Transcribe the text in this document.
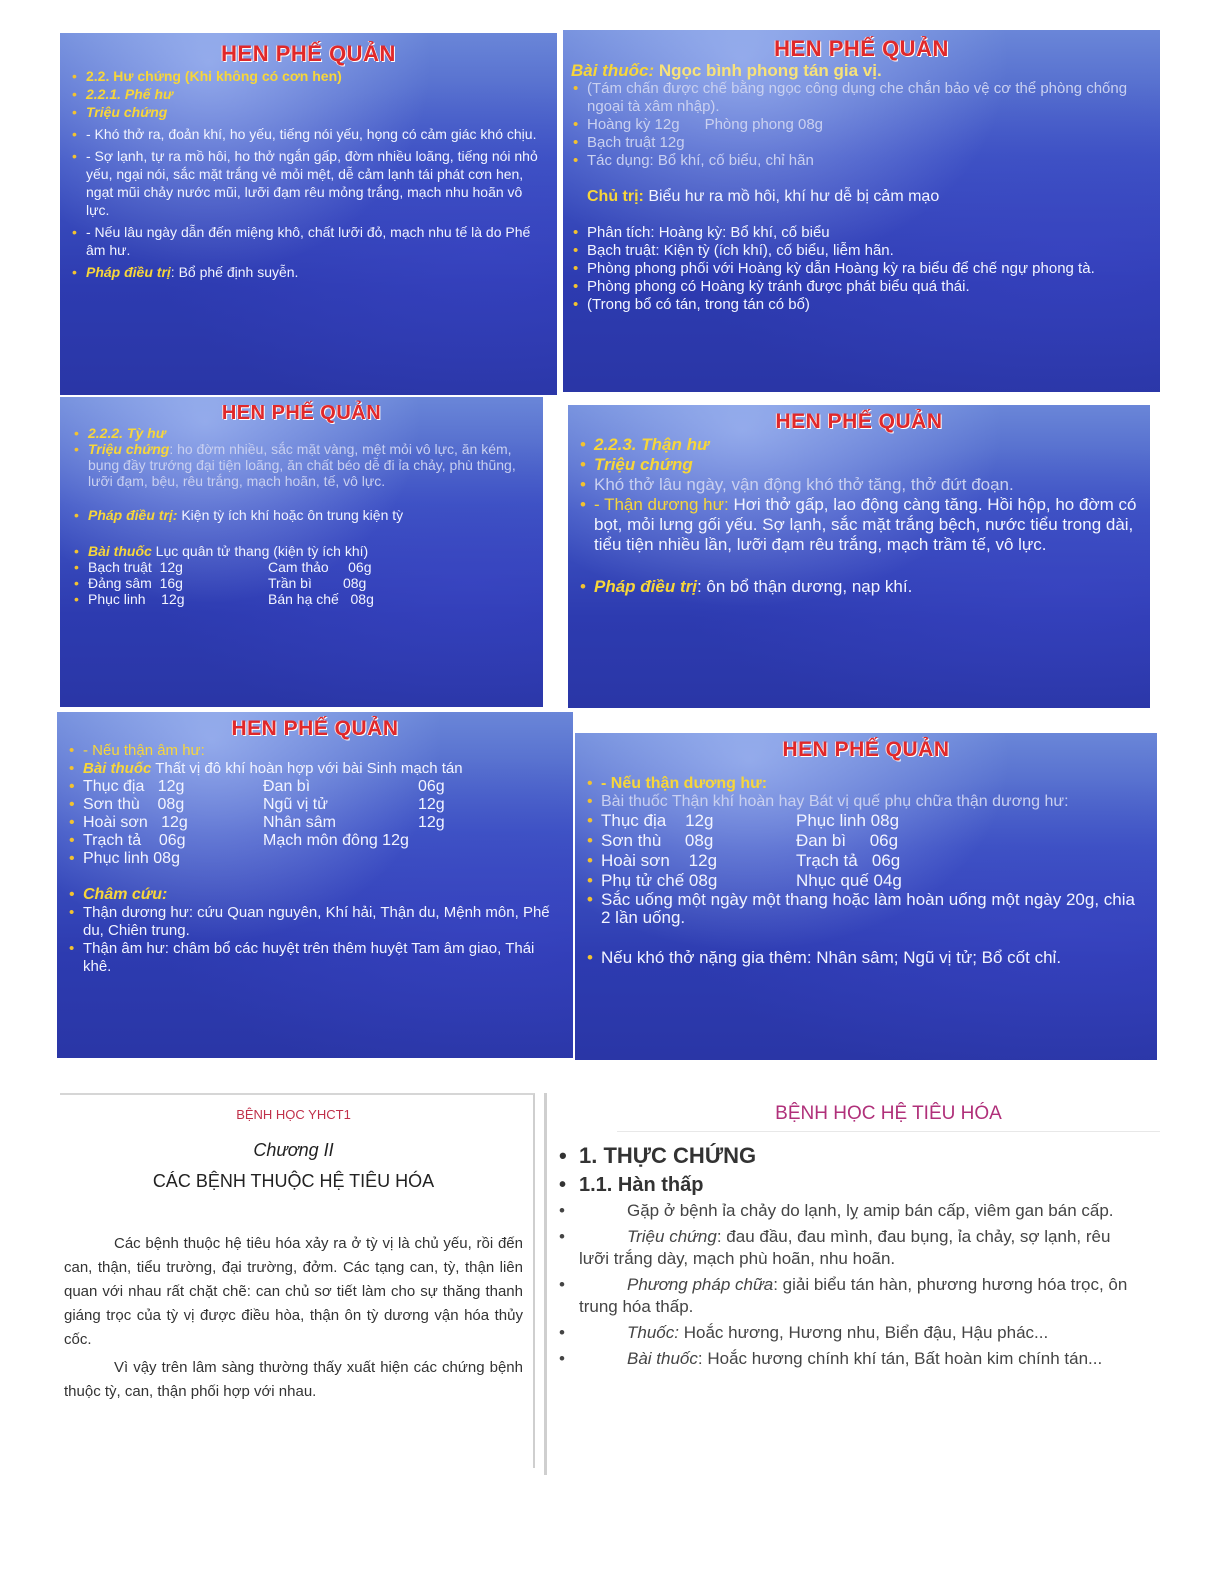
HEN PHẾ QUẢN
• 2.2. Hư chứng (Khi không có cơn hen)
• 2.2.1. Phế hư
• Triệu chứng
• - Khó thở ra, đoản khí, ho yếu, tiếng nói yếu, họng có cảm giác khó chịu.
• - Sợ lạnh, tự ra mồ hôi, ho thở ngắn gấp, đờm nhiều loãng, tiếng nói nhỏ yếu, ngại nói, sắc mặt trắng vẻ mỏi mệt, dễ cảm lạnh tái phát cơn hen, ngạt mũi chảy nước mũi, lưỡi đạm rêu mỏng trắng, mạch nhu hoãn vô lực.
• - Nếu lâu ngày dẫn đến miệng khô, chất lưỡi đỏ, mạch nhu tế là do Phế âm hư.
• Pháp điều trị: Bổ phế định suyễn.
HEN PHẾ QUẢN
Bài thuốc: Ngọc bình phong tán gia vị.
• (Tám chấn được chế bằng ngọc công dụng che chắn bảo vệ cơ thể phòng chống ngoại tà xâm nhập).
• Hoàng kỳ 12g      Phòng phong 08g
• Bạch truật 12g
• Tác dụng: Bổ khí, cố biểu, chỉ hãn
Chủ trị: Biểu hư ra mồ hôi, khí hư dễ bị cảm mạo
• Phân tích: Hoàng kỳ: Bổ khí, cố biểu
• Bạch truật: Kiện tỳ (ích khí), cố biểu, liễm hãn.
• Phòng phong phối với Hoàng kỳ dẫn Hoàng kỳ ra biểu để chế ngự phong tà.
• Phòng phong có Hoàng kỳ tránh được phát biểu quá thái.
• (Trong bổ có tán, trong tán có bổ)
HEN PHẾ QUẢN
• 2.2.2. Tỳ hư
• Triệu chứng: ho đờm nhiều, sắc mặt vàng, mệt mỏi vô lực, ăn kém, bụng đầy trướng đại tiện loãng, ăn chất béo dễ đi ỉa chảy, phù thũng, lưỡi đạm, bệu, rêu trắng, mạch hoãn, tế, vô lực.
• Pháp điều trị: Kiện tỳ ích khí hoặc ôn trung kiện tỳ
• Bài thuốc Lục quân tử thang (kiện tỳ ích khí)
• Bạch truật  12g	Cam thảo     06g
• Đảng sâm  16g	Trần bì        08g
• Phục linh    12g	Bán hạ chế   08g
HEN PHẾ QUẢN
• 2.2.3. Thận hư
• Triệu chứng
• Khó thở lâu ngày, vận động khó thở tăng, thở đứt đoạn.
• - Thận dương hư: Hơi thở gấp, lao động càng tăng. Hồi hộp, ho đờm có bọt, mỏi lưng gối yếu. Sợ lạnh, sắc mặt trắng bệch, nước tiểu trong dài, tiểu tiện nhiều lần, lưỡi đạm rêu trắng, mạch trầm tế, vô lực.
• Pháp điều trị: ôn bổ thận dương, nạp khí.
HEN PHẾ QUẢN
• - Nếu thận âm hư:
• Bài thuốc Thất vị đô khí hoàn hợp với bài Sinh mạch tán
• Thục địa   12g	Đan bì	06g
• Sơn thù    08g	Ngũ vị tử	12g
• Hoài sơn   12g	Nhân sâm	12g
• Trạch tả    06g	Mạch môn đông 12g
• Phục linh 08g
• Châm cứu:
• Thận dương hư: cứu Quan nguyên, Khí hải, Thận du, Mệnh môn, Phế du, Chiên trung.
• Thận âm hư: châm bổ các huyệt trên thêm huyệt Tam âm giao, Thái khê.
HEN PHẾ QUẢN
• - Nếu thận dương hư:
• Bài thuốc Thận khí hoàn hay Bát vị quế phụ chữa thận dương hư:
• Thục địa    12g	Phục linh 08g
• Sơn thù     08g	Đan bì     06g
• Hoài sơn    12g	Trạch tả   06g
• Phụ tử chế 08g	Nhục quế 04g
• Sắc uống một ngày một thang hoặc làm hoàn uống một ngày 20g, chia 2 lần uống.
• Nếu khó thở nặng gia thêm: Nhân sâm; Ngũ vị tử; Bổ cốt chỉ.
BỆNH HỌC YHCT1
Chương II
CÁC BỆNH THUỘC HỆ TIÊU HÓA

Các bệnh thuộc hệ tiêu hóa xảy ra ở tỳ vị là chủ yếu, rồi đến can, thận, tiểu trường, đại trường, đởm. Các tạng can, tỳ, thận liên quan với nhau rất chặt chẽ: can chủ sơ tiết làm cho sự thăng thanh giáng trọc của tỳ vị được điều hòa, thận ôn tỳ dương vận hóa thủy cốc.

Vì vậy trên lâm sàng thường thấy xuất hiện các chứng bệnh thuộc tỳ, can, thận phối hợp với nhau.

BỆNH HỌC HỆ TIÊU HÓA
• 1. THỰC CHỨNG
• 1.1. Hàn thấp
•	Gặp ở bệnh ỉa chảy do lạnh, lỵ amip bán cấp, viêm gan bán cấp.
•	Triệu chứng: đau đầu, đau mình, đau bụng, ỉa chảy, sợ lạnh, rêu lưỡi trắng dày, mạch phù hoãn, nhu hoãn.
•	Phương pháp chữa: giải biểu tán hàn, phương hương hóa trọc, ôn trung hóa thấp.
•	Thuốc: Hoắc hương, Hương nhu, Biển đậu, Hậu phác...
•	Bài thuốc: Hoắc hương chính khí tán, Bất hoàn kim chính tán...
